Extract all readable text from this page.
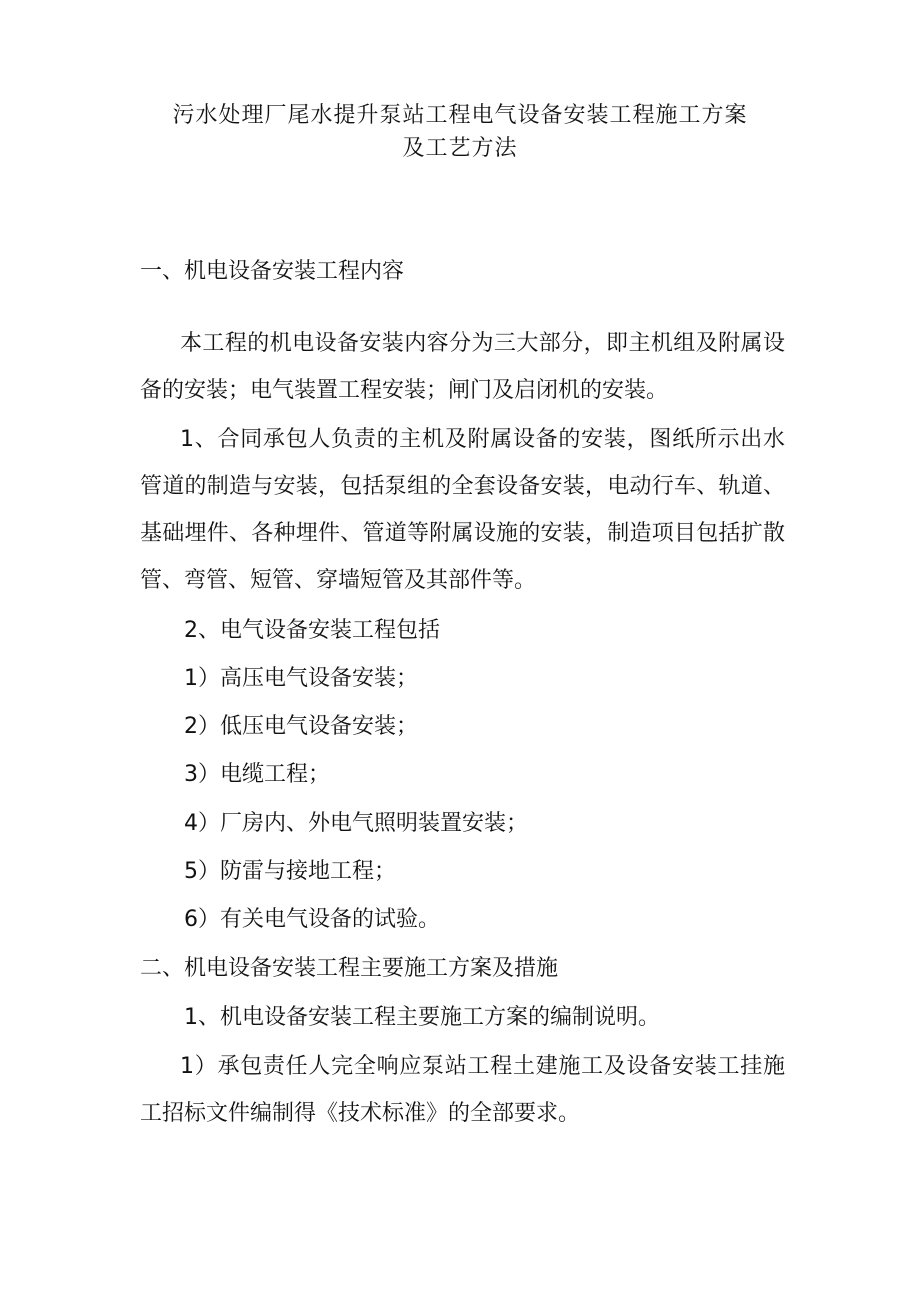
污水处理厂尾水提升泵站工程电气设备安装工程施工方案
及工艺方法
一、机电设备安装工程内容
本工程的机电设备安装内容分为三大部分，即主机组及附属设备的安装；电气装置工程安装；闸门及启闭机的安装。
1、合同承包人负责的主机及附属设备的安装，图纸所示出水管道的制造与安装，包括泵组的全套设备安装，电动行车、轨道、基础埋件、各种埋件、管道等附属设施的安装，制造项目包括扩散管、弯管、短管、穿墙短管及其部件等。
2、电气设备安装工程包括
1）高压电气设备安装；
2）低压电气设备安装；
3）电缆工程；
4）厂房内、外电气照明装置安装；
5）防雷与接地工程；
6）有关电气设备的试验。
二、机电设备安装工程主要施工方案及措施
1、机电设备安装工程主要施工方案的编制说明。
1）承包责任人完全响应泵站工程土建施工及设备安装工挂施工招标文件编制得《技术标准》的全部要求。
